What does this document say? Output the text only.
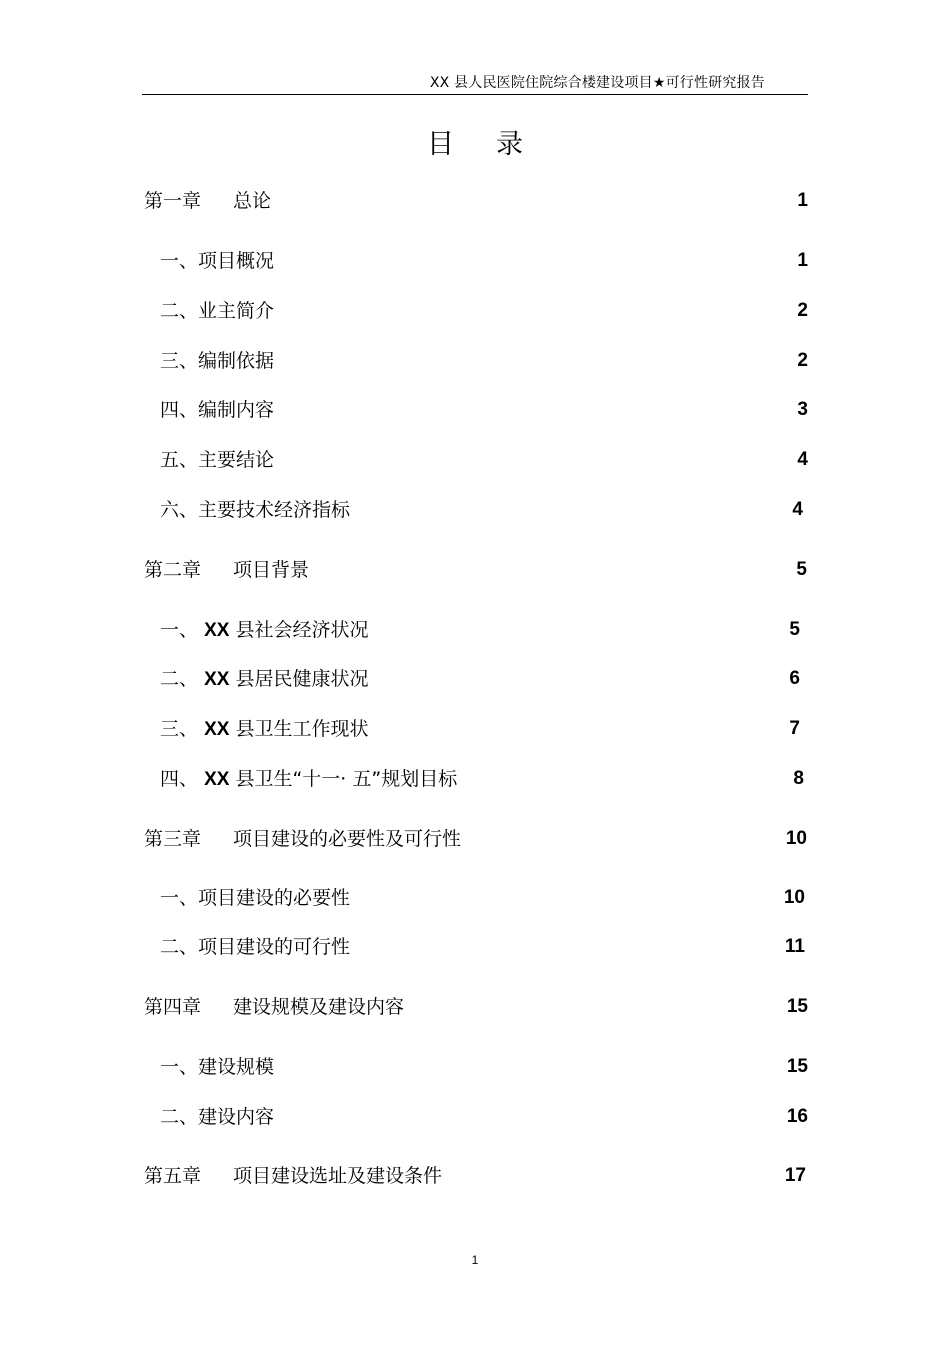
XX 县人民医院住院综合楼建设项目★可行性研究报告
目 录
第一章 总论	1
一、项目概况	1
二、业主简介	2
三、编制依据	2
四、编制内容	3
五、主要结论	4
六、主要技术经济指标	4
第二章 项目背景	5
一、 XX 县社会经济状况	5
二、 XX 县居民健康状况	6
三、 XX 县卫生工作现状	7
四、 XX 县卫生“十一· 五”规划目标	8
第三章 项目建设的必要性及可行性	10
一、项目建设的必要性	10
二、项目建设的可行性	11
第四章 建设规模及建设内容	15
一、建设规模	15
二、建设内容	16
第五章 项目建设选址及建设条件	17
1
